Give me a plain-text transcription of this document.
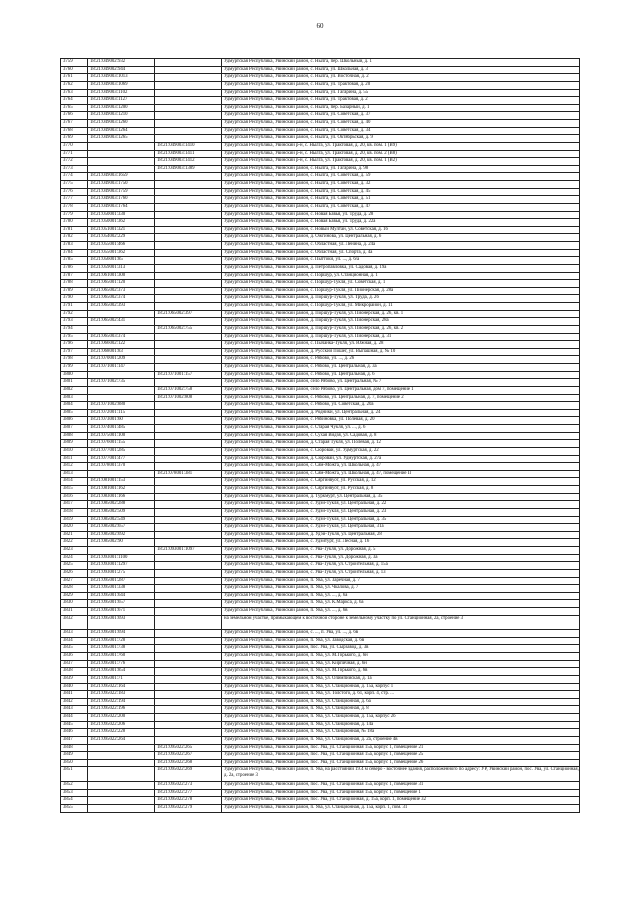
60
3759	18:21:049002:932		Удмуртская Республика, Увинский район, с. Нылга, пер. Школьный, д. 1
3760	18:21:049002:944		Удмуртская Республика, Увинский район, с. Нылга, ул. Школьная, д. 3
3761	18:21:049003:1013		Удмуртская Республика, Увинский район, с. Нылга, ул. Восточная, д. 2
3762	18:21:049003:1069		Удмуртская Республика, Увинский район, с. Нылга, ул. Трактовая, д. 20
3763	18:21:049003:1102		Удмуртская Республика, Увинский район, с. Нылга, ул. Гагарина, д. 55
3764	18:21:049003:1127		Удмуртская Республика, Увинский район, с. Нылга, ул. Трактовая, д. 2
3765	18:21:049003:1200		Удмуртская Республика, Увинский район, с. Нылга, пер. Базарный, д. 1
3766	18:21:049003:1210		Удмуртская Республика, Увинский район, с. Нылга, ул. Советская, д. 37
3767	18:21:049003:1260		Удмуртская Республика, Увинский район, с. Нылга, ул. Советская, д. 40
3768	18:21:049003:1264		Удмуртская Республика, Увинский район, с. Нылга, ул. Советская, д. 34
3769	18:21:049003:1265		Удмуртская Республика, Увинский район, с. Нылга, ул. Октябрьская, д. 9
3770		18:21:049003:1410	Удмуртская Республика, Увинский р-н, с. Нылга, ул. Трактовая, д. 20, кв. пом. 1 (В9)
3771		18:21:049003:1411	Удмуртская Республика, Увинский р-н, с. Нылга, ул. Трактовая, д. 20, кв. пом. 2 (В8)
3772		18:21:049003:1412	Удмуртская Республика, Увинский р-н, с. Нылга, ул. Трактовая, д. 20, кв. пом. 1 (В2)
3773		18:21:049003:1389	Удмуртская Республика, Увинский район, с. Нылга, ул. Гагарина, д. 98
3774	18:21:049003:1659		Удмуртская Республика, Увинский район, с. Нылга, ул. Советская, д. 59
3775	18:21:049003:1750		Удмуртская Республика, Увинский район, с. Нылга, ул. Советская, д. 32
3776	18:21:049003:1759		Удмуртская Республика, Увинский район, с. Нылга, ул. Советская, д. 45
3777	18:21:049003:1760		Удмуртская Республика, Увинский район, с. Нылга, ул. Советская, д. 51
3778	18:21:049003:1764		Удмуртская Республика, Увинский район, с. Нылга, ул. Советская, д. 47
3779	18:21:050001:330		Удмуртская Республика, Увинский район, с. Новая Бавья, ул. Труда, д. 28
3780	18:21:050001:362		Удмуртская Республика, Увинский район, с. Новая Бавья, ул. Труда, д. 22а
3781	18:21:051001:321		Удмуртская Республика, Увинский район, с. Новый Мултан, ул. Советская, д. 16
3782	18:21:054002:229		Удмуртская Республика, Увинский район, д. Ожгинова, ул. Центральная, д. 6
3783	18:21:055001:466		Удмуртская Республика, Увинский район, с. Областная, ул. Ленина, д. 24а
3784	18:21:055001:362		Удмуртская Республика, Увинский район, с. Областная, ул. Спорта, д. 4а
3785	18:21:056001:85		Удмуртская Республика, Увинский район, с. Пыттоки, ул. ..., д. 6/а
3786	18:21:059001:313		Удмуртская Республика, Увинский район, д. Петропавловка, ул. Садовая, д. 19а
3787	18:21:061001:300		Удмуртская Республика, Увинский район, с. Поршур, ул. Станционная, д. 1
3788	18:21:065001:120		Удмуртская Республика, Увинский район, с. Поршур-Тукля, ул. Советская, д. 1
3789	18:21:065002:373		Удмуртская Республика, Увинский район, с. Поршур-Тукля, ул. Пионерская, д. 28а
3790	18:21:065002:374		Удмуртская Республика, Увинский район, д. Поршур-Тукля, ул. Труда, д. 26
3791	18:21:065002:393		Удмуртская Республика, Увинский район, с. Поршур-Тукля, ул. Микрорайон, д. 11
3792		18:21:065002:397	Удмуртская Республика, Увинский район, д. Поршур-Тукля, ул. Пионерская, д. 26, кв. 1
3793	18:21:065002:431		Удмуртская Республика, Увинский район, д. Поршур-Тукля, ул. Пионерская, 28а
3794		18:21:065002:755	Удмуртская Республика, Увинский район, д. Поршур-Тукля, ул. Пионерская, д. 26, кв. 2
3795	18:21:065003:374		Удмуртская Республика, Увинский район, д. Поршур-Тукля, ул. Пионерская, д. 31
3796	18:21:066002:122		Удмуртская Республика, Увинский район, с. Пычанка-Тукля, ул. Южная, д. 28
3797	18:21:068001:83		Удмуртская Республика, Увинский район, д. Русский Пошег, ул. Выпашная, д. № 10
3798	18:21:070001:209		Удмуртская Республика, Увинский район, с. Рябово, ул. ..., д. 26
3799	18:21:071001:147		Удмуртская Республика, Увинский район, с. Рябово, ул. Центральная, д. 3а
3800		18:21:071001:157	Удмуртская Республика, Увинский район, с. Рябово, ул. Центральная, д. 6
3801	18:21:071002:735		Удмуртская Республика, Увинский район, село Рябово, ул. Центральная, № 7
3802		18:21:071002:758	Удмуртская Республика, Увинский район, село Рябово, ул. Центральная, дом 7, помещение 1
3803		18:21:071002:808	Удмуртская Республика, Увинский район, с. Рябово, ул. Центральная, д. 7, помещение 2
3804	18:21:071002:880		Удмуртская Республика, Увинский район, с. Рябово, ул. Советская, д. 20а
3805	18:21:072001:115		Удмуртская Республика, Увинский район, д. Родники, ул. Центральная, д. 24
3806	18:21:073001:60		Удмуртская Республика, Увинский район, с. Рябиновка, ул. Полевая, д. 20
3807	18:21:074001:485		Удмуртская Республика, Увинский район, с. Старая Чукля, ул. ..., д. 6
3808	18:21:075001:100		Удмуртская Республика, Увинский район, с. Сухая Видзя, ул. Садовая, д. 8
3809	18:21:076001:155		Удмуртская Республика, Увинский район, д. Старая Тукля, ул. Полевая, д. 12
3810	18:21:077001:285		Удмуртская Республика, Увинский район, с. Сюровай, ул. Удмуртская, д. 22
3811	18:21:077001:477		Удмуртская Республика, Увинский район, д. Сюровай, ул. Удмуртская, д. 27а
3812	18:21:078001:370		Удмуртская Республика, Увинский район, с. Сям-Можга, ул. Школьная, д. 47
3813		18:21:078001:381	Удмуртская Республика, Увинский район, с. Сям-Можга, ул. Школьная, д. 47, помещение II
3814	18:21:081001:153		Удмуртская Республика, Увинский район, с. Сяргинвуот, ул. Русская, д. 12
3815	18:21:081001:162		Удмуртская Республика, Увинский район, с. Сяргинвуот, ул. Русская, д. 8
3816	18:21:083001:166		Удмуртская Республика, Увинский район, д. Туркмурт, ул. Центральная, д. 35
3817	18:21:085002:288		Удмуртская Республика, Увинский район, с. Удэй-Тукля, ул. Центральная, д. 22
3818	18:21:085002:509		Удмуртская Республика, Увинский район, с. Удэй-Тукля, ул. Центральная, д. 23
3819	18:21:085002:549		Удмуртская Республика, Увинский район, с. Удэй-Тукля, ул. Центральная, д. 35
3820	18:21:085002:657		Удмуртская Республика, Увинский район, с. Удэй-Тукля, ул. Центральная, 31а
3821	18:21:085002:692		Удмуртская Республика, Увинский район, д. Удэй-Тукля, ул. Центральная, 28
3822	18:21:085002:90		Удмуртская Республика, Увинский район, с. Удэйтурт, ул. Лесная, д. 16
3823		18:21:093001:1097	Удмуртская Республика, Увинский район, с. Ува-Тукля, ул. Дорожная, д. 5
3824	18:21:093001:1100		Удмуртская Республика, Увинский район, с. Ува-Тукля, ул. Дорожная, д. 3а
3825	18:21:093001:1297		Удмуртская Республика, Увинский район, с. Ува-Тукля, ул. Строительная, д. 15а
3826	18:21:093001:275		Удмуртская Республика, Увинский район, с. Ува-Тукля, ул. Строительная, д. 13
3827	18:21:095001:287		Удмуртская Республика, Увинский район, п. Ува, ул. Заречная, д. 7
3828	18:21:095001:338		Удмуртская Республика, Увинский район, п. Ува, ул. Чкалова, д. 7
3829	18:21:095001:644		Удмуртская Республика, Увинский район, п. Ува, ул. ..., д. 6а
3830	18:21:095001:657		Удмуртская Республика, Увинский район, п. Ува, ул. К.Маркса, д. 6а
3831	18:21:095001:671		Удмуртская Республика, Увинский район, п. Ува, ул. ..., д. 6в
3832	18:21:095001:693		на земельном участке, примыкающем к восточной стороне к земельному участку по ул. Станционная, 2а, строение 3
3833	18:21:095001:694		Удмуртская Республика, Увинский район, с. ..., п. Ува, ул. ..., д. 6в
3834	18:21:095001:728		Удмуртская Республика, Увинский район, п. Ува, ул. Заводская, д. 6в
3835	18:21:095001:738		Удмуртская Республика, Увинский район, пос. Ува, ул. Сырзавод, д. 3в
3836	18:21:095001:760		Удмуртская Республика, Увинский район, п. Ува, ул. М.Горького, д. 6н
3837	18:21:095001:776		Удмуртская Республика, Увинский район, п. Ува, ул. Кирпичная, д. 6н
3838	18:21:095001:854		Удмуртская Республика, Увинский район, п. Ува, ул. М.Горького, д. 6в
3839	18:21:095001:71		Удмуртская Республика, Увинский район, п. Ува, ул. Олимпийская, д. 1а
3840	18:21:095022:164		Удмуртская Республика, Увинский район, п. Ува, ул. Станционная, д. 15а, корпус 1
3841	18:21:095022:183		Удмуртская Республика, Увинский район, п. Ува, ул. Толстого, д. 61, корп. 4, стр. ...
3842	18:21:095022:194		Удмуртская Республика, Увинский район, п. Ува, ул. Станционная, д. 6а
3843	18:21:095022:196		Удмуртская Республика, Увинский район, п. Ува, ул. Станционная, д. 8
3844	18:21:095022:200		Удмуртская Республика, Увинский район, п. Ува, ул. Станционная, д. 15а, корпус 2б
3845	18:21:095022:206		Удмуртская Республика, Увинский район, п. Ува, ул. Станционная, д. 14а
3846	18:21:095022:228		Удмуртская Республика, Увинский район, п. Ува, ул. Станционная, № 18а
3847	18:21:095022:264		Удмуртская Республика, Увинский район, п. Ува, ул. Станционная, д. 2а, строение 4в
3848		18:21:095022:265	Удмуртская Республика, Увинский район, пос. Ува, ул. Станционная 15а, корпус 1, помещение 21
3849		18:21:095022:267	Удмуртская Республика, Увинский район, пос. Ува, ул. Станционная 15а, корпус 1, помещение 25
3850		18:21:095022:268	Удмуртская Республика, Увинский район, пос. Ува, ул. Станционная 15а, корпус 1, помещение 26
3851		18:21:095022:269	Удмуртская Республика, Увинский район, п. Ува, на расстоянии 19.4 м северо - восточнее здания, расположенного по адресу: УР, Увинский район, пос. Ува, ул. Станционная, д. 2а, строение 3
3852		18:21:095022:273	Удмуртская Республика, Увинский район, пос. Ува, ул. Станционная 15а, корпус 1, помещение 31
3853		18:21:095022:277	Удмуртская Республика, Увинский район, пос. Ува, ул. Станционная 15а, корпус 1, помещение 1
3854		18:21:095022:278	Удмуртская Республика, Увинский район, пос. Ува, ул. Станционная, д. 15а, корп. 1, помещение 32
3855		18:21:095022:279	Удмуртская Республика, Увинский район, п. Ува, ул. Станционная, д. 15а, корп. 1, пом. 31
